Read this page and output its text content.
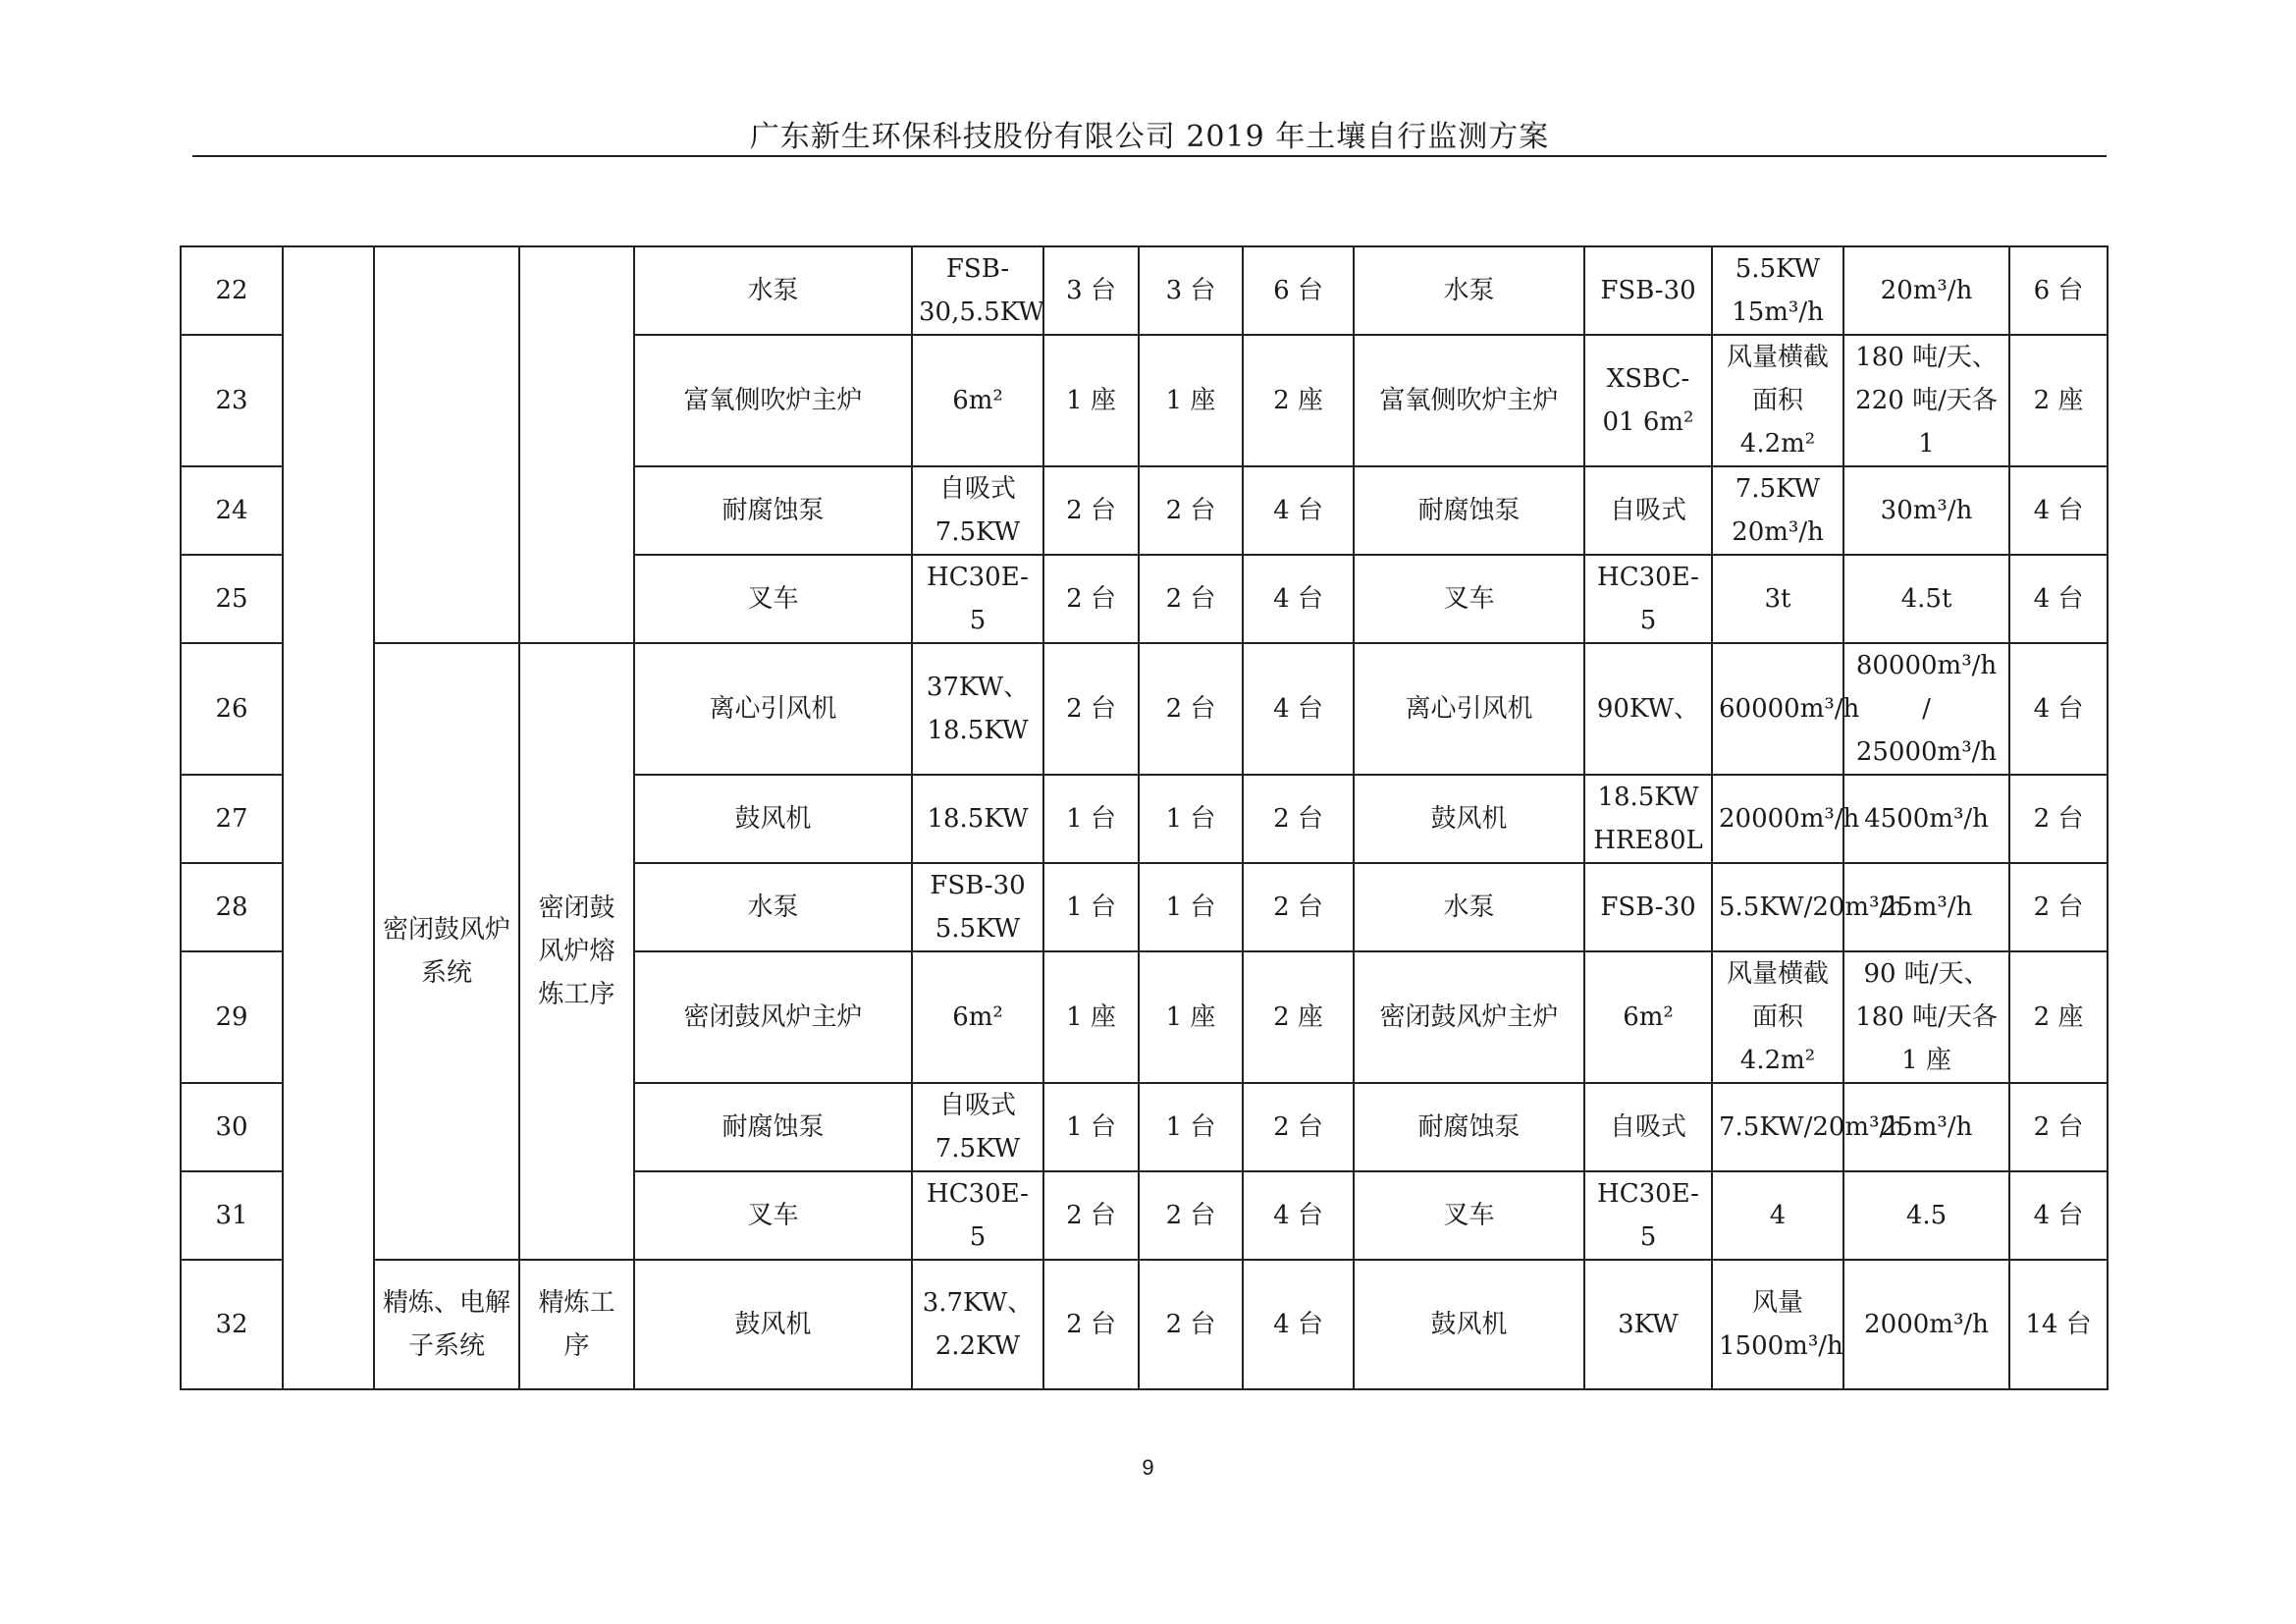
广东新生环保科技股份有限公司 2019 年土壤自行监测方案
22				水泵	FSB-30,5.5KW	3 台	3 台	6 台	水泵	FSB-30	5.5KW 15m³/h	20m³/h	6 台
23				富氧侧吹炉主炉	6m²	1 座	1 座	2 座	富氧侧吹炉主炉	XSBC-01 6m²	风量横截面积 4.2m²	180 吨/天、220 吨/天各 1	2 座
24				耐腐蚀泵	自吸式 7.5KW	2 台	2 台	4 台	耐腐蚀泵	自吸式	7.5KW 20m³/h	30m³/h	4 台
25				叉车	HC30E-5	2 台	2 台	4 台	叉车	HC30E-5	3t	4.5t	4 台
26		密闭鼓风炉系统	密闭鼓风炉熔炼工序	离心引风机	37KW、18.5KW	2 台	2 台	4 台	离心引风机	90KW、	60000m³/h	80000m³/h / 25000m³/h	4 台
27				鼓风机	18.5KW	1 台	1 台	2 台	鼓风机	18.5KW HRE80L	20000m³/h	4500m³/h	2 台
28				水泵	FSB-30 5.5KW	1 台	1 台	2 台	水泵	FSB-30	5.5KW/20m³/h	25m³/h	2 台
29				密闭鼓风炉主炉	6m²	1 座	1 座	2 座	密闭鼓风炉主炉	6m²	风量横截面积 4.2m²	90 吨/天、180 吨/天各 1 座	2 座
30				耐腐蚀泵	自吸式 7.5KW	1 台	1 台	2 台	耐腐蚀泵	自吸式	7.5KW/20m³/h	25m³/h	2 台
31				叉车	HC30E-5	2 台	2 台	4 台	叉车	HC30E-5	4	4.5	4 台
32		精炼、电解子系统	精炼工序	鼓风机	3.7KW、2.2KW	2 台	2 台	4 台	鼓风机	3KW	风量 1500m³/h	2000m³/h	14 台
9
